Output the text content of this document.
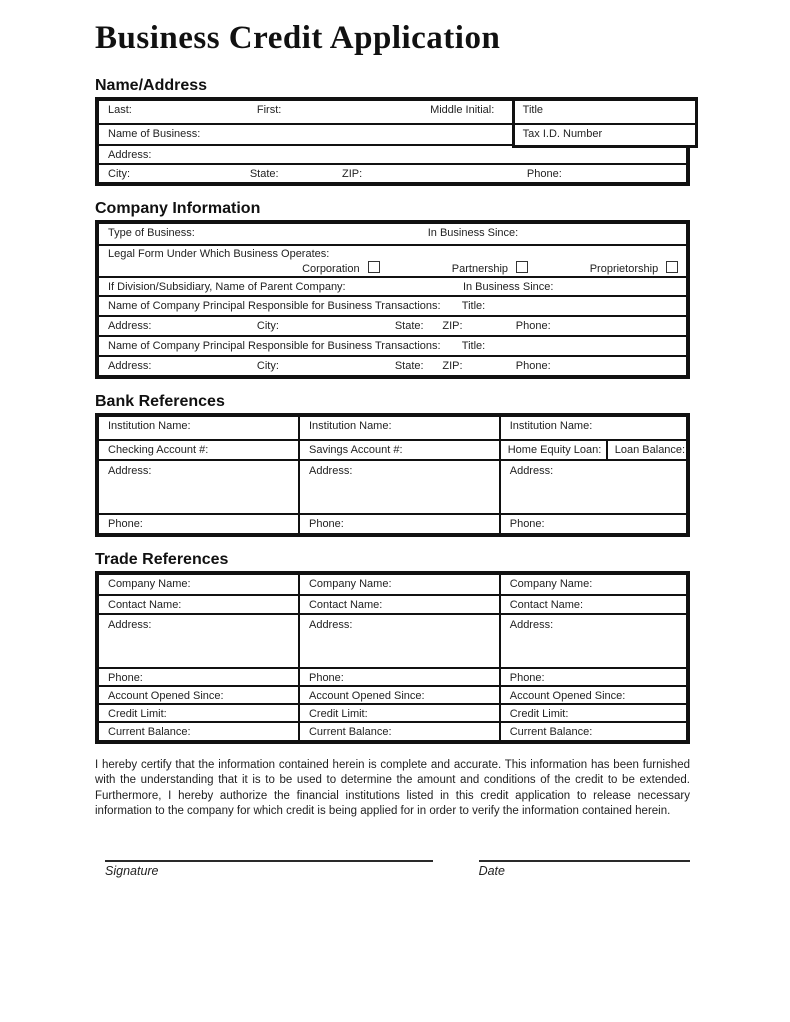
Business Credit Application
Name/Address
Last:	First:	Middle Initial:
Name of Business:
Address:
City:	State:	ZIP:	Phone:
Title
Tax I.D. Number
Company Information
Type of Business:	In Business Since:
Legal Form Under Which Business Operates:
Corporation	Partnership	Proprietorship
If Division/Subsidiary, Name of Parent Company:	In Business Since:
Name of Company Principal Responsible for Business Transactions: Title:
Address:	City:	State: ZIP:	Phone:
Name of Company Principal Responsible for Business Transactions: Title:
Address:	City:	State: ZIP:	Phone:
Bank References
Institution Name:	Institution Name:	Institution Name:
Checking Account #:	Savings Account #:	Home Equity Loan: Loan Balance:
Address:	Address:	Address:
Phone:	Phone:	Phone:
Trade References
Company Name:	Company Name:	Company Name:
Contact Name:	Contact Name:	Contact Name:
Address:	Address:	Address:
Phone:	Phone:	Phone:
Account Opened Since:	Account Opened Since:	Account Opened Since:
Credit Limit:	Credit Limit:	Credit Limit:
Current Balance:	Current Balance:	Current Balance:

I hereby certify that the information contained herein is complete and accurate. This information has been furnished with the understanding that it is to be used to determine the amount and conditions of the credit to be extended. Furthermore, I hereby authorize the financial institutions listed in this credit application to release necessary information to the company for which credit is being applied for in order to verify the information contained herein.

Signature	Date
